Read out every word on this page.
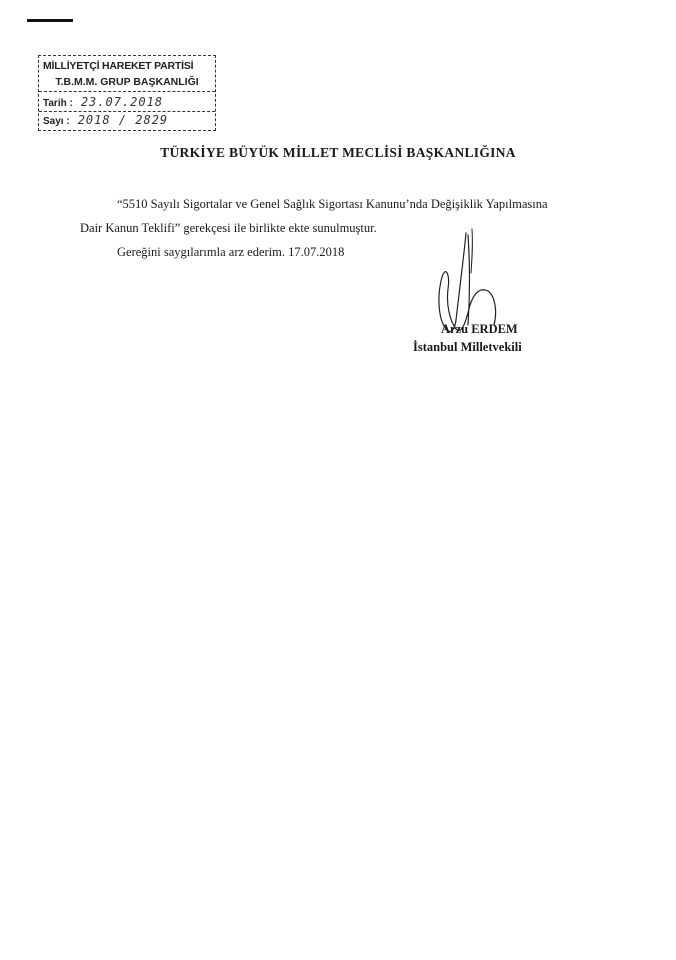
MİLLİYETÇİ HAREKET PARTİSİ
T.B.M.M. GRUP BAŞKANLIĞI
Tarih : 23.07.2018
Sayı : 2018 / 2829
TÜRKİYE BÜYÜK MİLLET MECLİSİ BAŞKANLIĞINA
“5510 Sayılı Sigortalar ve Genel Sağlık Sigortası Kanunu’nda Değişiklik Yapılmasına
Dair Kanun Teklifi” gerekçesi ile birlikte ekte sunulmuştur.
Gereğini saygılarımla arz ederim. 17.07.2018
Arzu ERDEM
İstanbul Milletvekili
